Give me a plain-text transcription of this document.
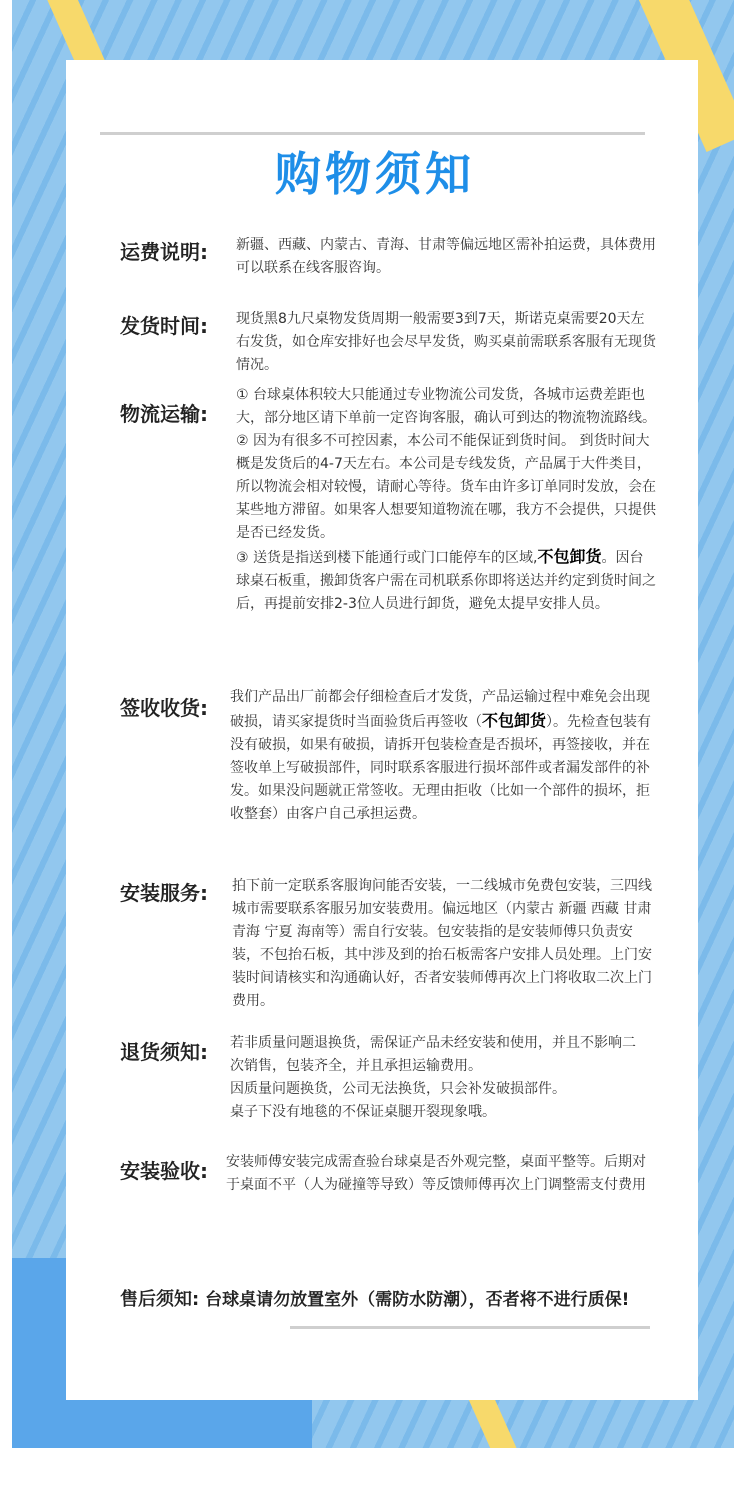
购物须知
运费说明: 新疆、西藏、内蒙古、青海、甘肃等偏远地区需补拍运费，具体费用可以联系在线客服咨询。

发货时间: 现货黑8九尺桌物发货周期一般需要3到7天，斯诺克桌需要20天左右发货，如仓库安排好也会尽早发货，购买桌前需联系客服有无现货情况。

物流运输:

① 台球桌体积较大只能通过专业物流公司发货，各城市运费差距也大，部分地区请下单前一定咨询客服，确认可到达的物流物流路线。

② 因为有很多不可控因素，本公司不能保证到货时间。 到货时间大概是发货后的4-7天左右。本公司是专线发货，产品属于大件类目，所以物流会相对较慢，请耐心等待。货车由许多订单同时发放，会在某些地方滞留。如果客人想要知道物流在哪，我方不会提供，只提供是否已经发货。

③ 送货是指送到楼下能通行或门口能停车的区域,不包卸货。因台球桌石板重，搬卸货客户需在司机联系你即将送达并约定到货时间之后，再提前安排2-3位人员进行卸货，避免太提早安排人员。

签收收货: 我们产品出厂前都会仔细检查后才发货，产品运输过程中难免会出现破损，请买家提货时当面验货后再签收（不包卸货）。先检查包装有没有破损，如果有破损，请拆开包装检查是否损坏，再签接收，并在签收单上写破损部件，同时联系客服进行损坏部件或者漏发部件的补发。如果没问题就正常签收。无理由拒收（比如一个部件的损坏，拒收整套）由客户自己承担运费。

安装服务: 拍下前一定联系客服询问能否安装，一二线城市免费包安装，三四线城市需要联系客服另加安装费用。偏远地区（内蒙古 新疆 西藏 甘肃 青海 宁夏 海南等）需自行安装。包安装指的是安装师傅只负责安装，不包抬石板，其中涉及到的抬石板需客户安排人员处理。上门安装时间请核实和沟通确认好，否者安装师傅再次上门将收取二次上门费用。

退货须知: 若非质量问题退换货，需保证产品未经安装和使用，并且不影响二次销售，包装齐全，并且承担运输费用。

因质量问题换货，公司无法换货，只会补发破损部件。

桌子下没有地毯的不保证桌腿开裂现象哦。

安装验收: 安装师傅安装完成需查验台球桌是否外观完整，桌面平整等。后期对于桌面不平（人为碰撞等导致）等反馈师傅再次上门调整需支付费用

售后须知: 台球桌请勿放置室外（需防水防潮），否者将不进行质保!
